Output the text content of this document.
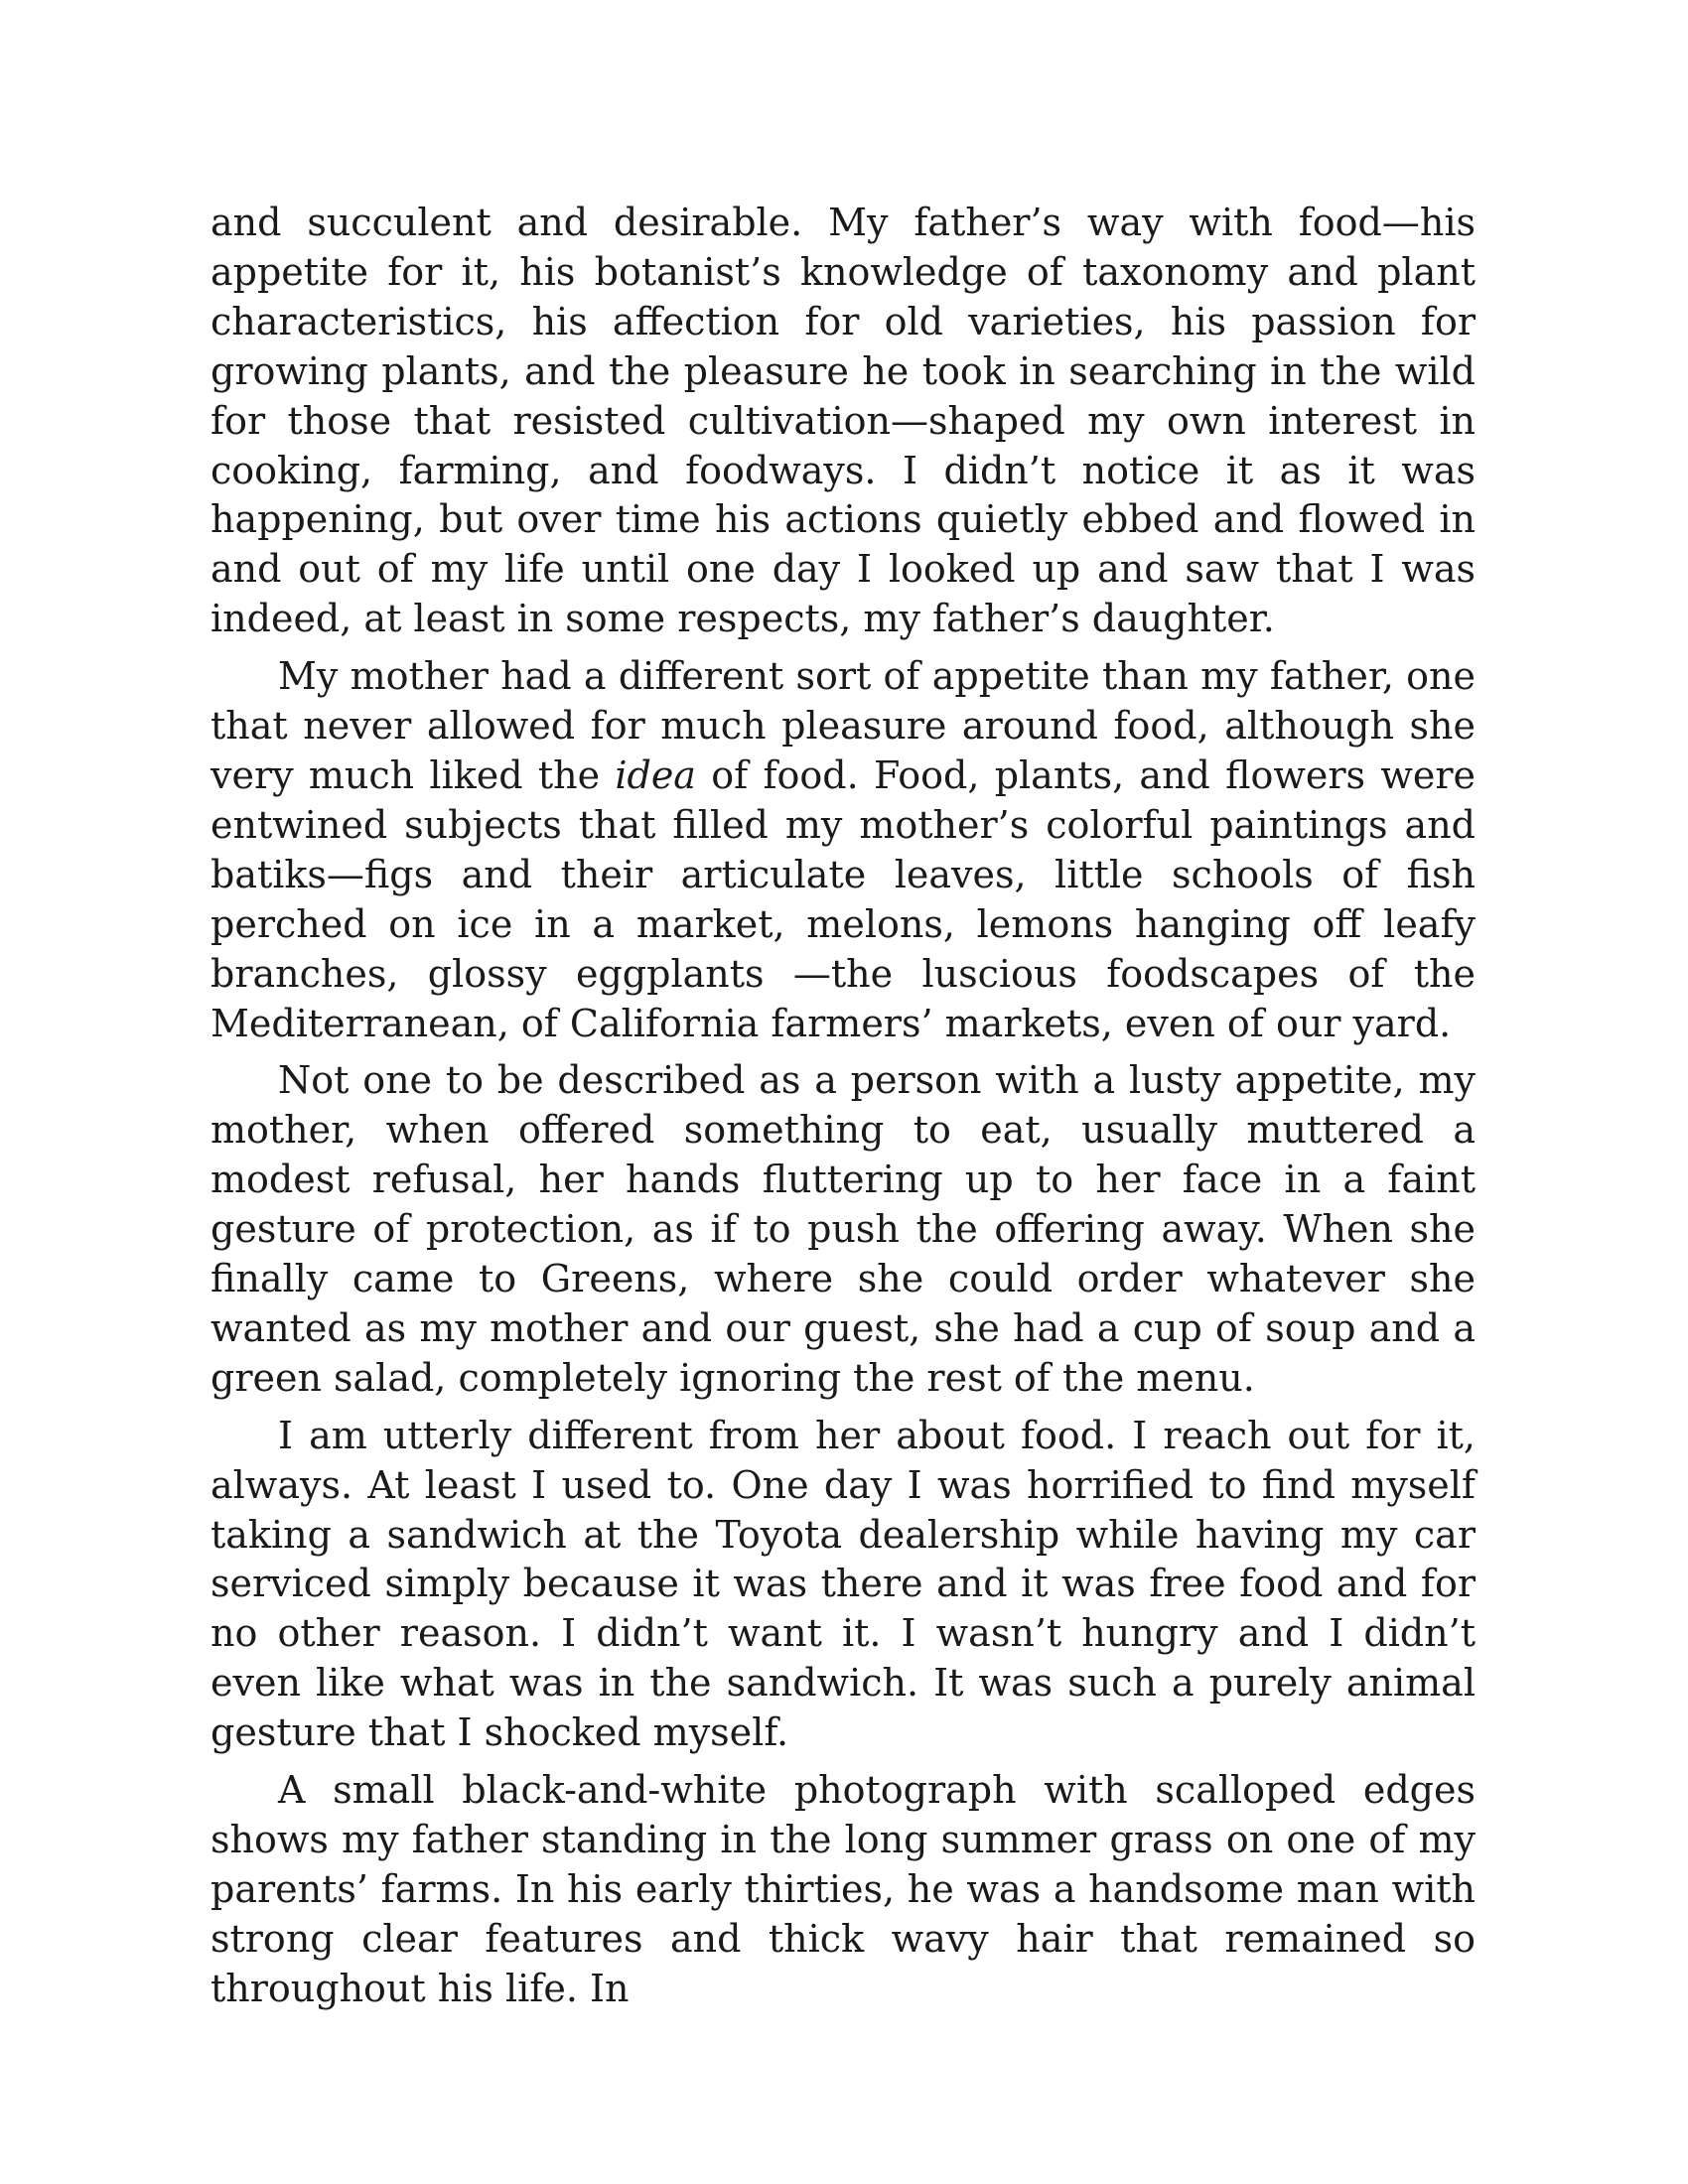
and succulent and desirable. My father’s way with food—his appetite for it, his botanist’s knowledge of taxonomy and plant characteristics, his affection for old varieties, his passion for growing plants, and the pleasure he took in searching in the wild for those that resisted cultivation—shaped my own interest in cooking, farming, and foodways. I didn’t notice it as it was happening, but over time his actions quietly ebbed and flowed in and out of my life until one day I looked up and saw that I was indeed, at least in some respects, my father’s daughter.

My mother had a different sort of appetite than my father, one that never allowed for much pleasure around food, although she very much liked the idea of food. Food, plants, and flowers were entwined subjects that filled my mother’s colorful paintings and batiks—figs and their articulate leaves, little schools of fish perched on ice in a market, melons, lemons hanging off leafy branches, glossy eggplants —the luscious foodscapes of the Mediterranean, of California farmers’ markets, even of our yard.

Not one to be described as a person with a lusty appetite, my mother, when offered something to eat, usually muttered a modest refusal, her hands fluttering up to her face in a faint gesture of protection, as if to push the offering away. When she finally came to Greens, where she could order whatever she wanted as my mother and our guest, she had a cup of soup and a green salad, completely ignoring the rest of the menu.

I am utterly different from her about food. I reach out for it, always. At least I used to. One day I was horrified to find myself taking a sandwich at the Toyota dealership while having my car serviced simply because it was there and it was free food and for no other reason. I didn’t want it. I wasn’t hungry and I didn’t even like what was in the sandwich. It was such a purely animal gesture that I shocked myself.

A small black-and-white photograph with scalloped edges shows my father standing in the long summer grass on one of my parents’ farms. In his early thirties, he was a handsome man with strong clear features and thick wavy hair that remained so throughout his life. In
